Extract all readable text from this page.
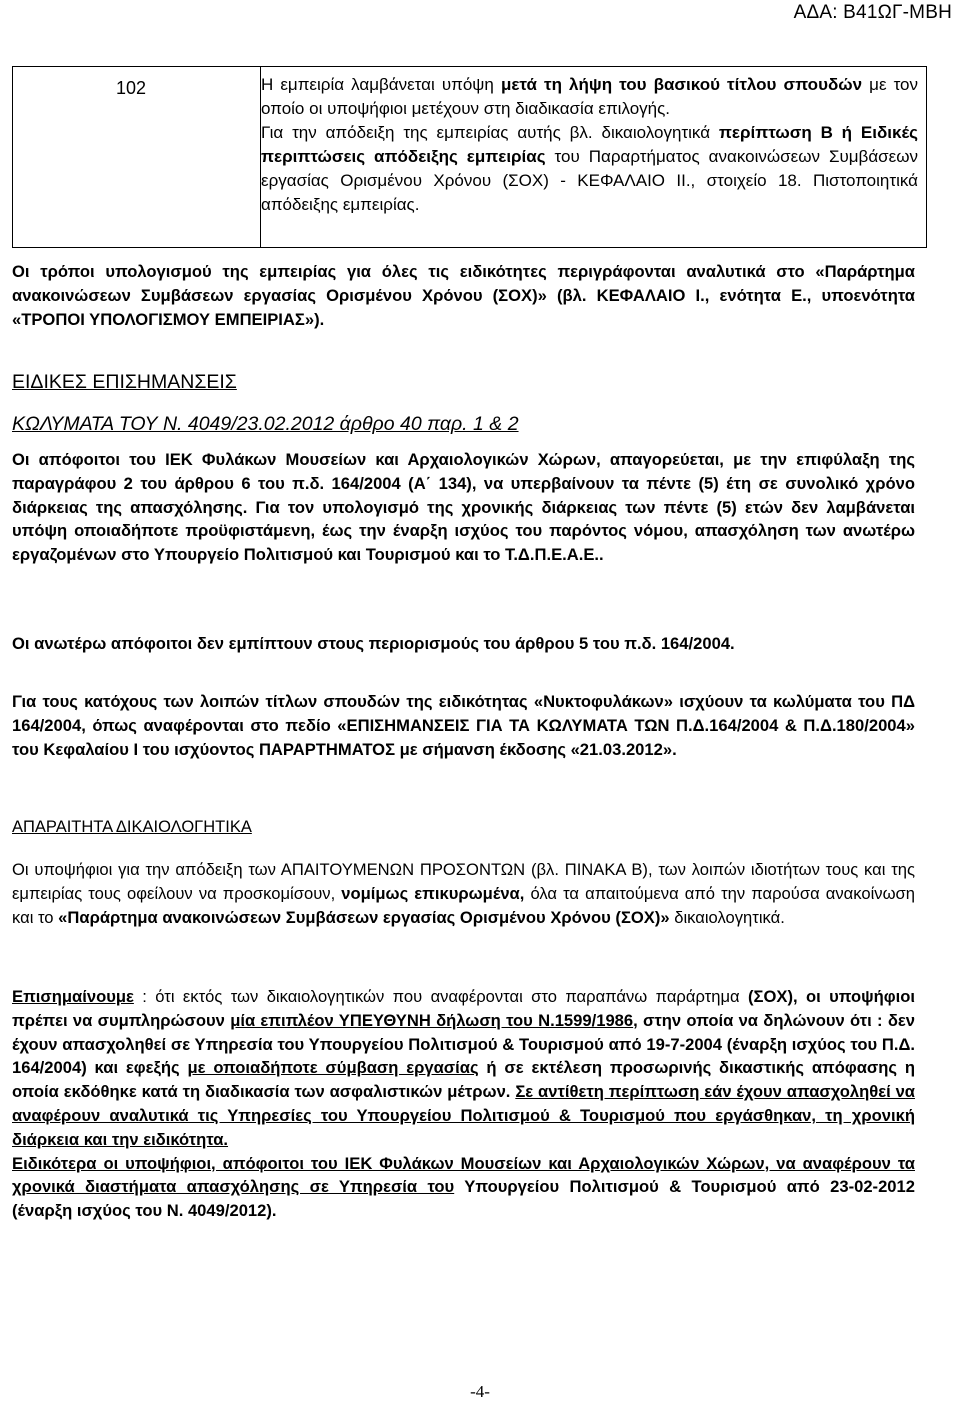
ΑΔΑ: Β41ΩΓ-ΜΒΗ
102	Η εμπειρία λαμβάνεται υπόψη μετά τη λήψη του βασικού τίτλου σπουδών με τον οποίο οι υποψήφιοι μετέχουν στη διαδικασία επιλογής.

Για την απόδειξη της εμπειρίας αυτής βλ. δικαιολογητικά περίπτωση Β ή Ειδικές περιπτώσεις απόδειξης εμπειρίας του Παραρτήματος ανακοινώσεων Συμβάσεων εργασίας Ορισμένου Χρόνου (ΣΟΧ) - ΚΕΦΑΛΑΙΟ ΙΙ., στοιχείο 18. Πιστοποιητικά απόδειξης εμπειρίας.

Οι τρόποι υπολογισμού της εμπειρίας για όλες τις ειδικότητες περιγράφονται αναλυτικά στο «Παράρτημα ανακοινώσεων Συμβάσεων εργασίας Ορισμένου Χρόνου (ΣΟΧ)» (βλ. ΚΕΦΑΛΑΙΟ Ι., ενότητα Ε., υποενότητα «ΤΡΟΠΟΙ ΥΠΟΛΟΓΙΣΜΟΥ ΕΜΠΕΙΡΙΑΣ»).
ΕΙΔΙΚΕΣ ΕΠΙΣΗΜΑΝΣΕΙΣ
ΚΩΛΥΜΑΤΑ ΤΟΥ Ν. 4049/23.02.2012 άρθρο 40 παρ. 1 & 2
Οι απόφοιτοι του ΙΕΚ Φυλάκων Μουσείων και Αρχαιολογικών Χώρων, απαγορεύεται, με την επιφύλαξη της παραγράφου 2 του άρθρου 6 του π.δ. 164/2004 (Α΄ 134), να υπερβαίνουν τα πέντε (5) έτη σε συνολικό χρόνο διάρκειας της απασχόλησης. Για τον υπολογισμό της χρονικής διάρκειας των πέντε (5) ετών δεν λαμβάνεται υπόψη οποιαδήποτε προϋφιστάμενη, έως την έναρξη ισχύος του παρόντος νόμου, απασχόληση των ανωτέρω εργαζομένων στο Υπουργείο Πολιτισμού και Τουρισμού και το Τ.Δ.Π.Ε.Α.Ε..
Οι ανωτέρω απόφοιτοι δεν εμπίπτουν στους περιορισμούς του άρθρου 5 του π.δ. 164/2004.
Για τους κατόχους των λοιπών τίτλων σπουδών της ειδικότητας «Νυκτοφυλάκων» ισχύουν τα κωλύματα του ΠΔ 164/2004, όπως αναφέρονται στο πεδίο «ΕΠΙΣΗΜΑΝΣΕΙΣ ΓΙΑ ΤΑ ΚΩΛΥΜΑΤΑ ΤΩΝ Π.Δ.164/2004 & Π.Δ.180/2004» του Κεφαλαίου Ι του ισχύοντος ΠΑΡΑΡΤΗΜΑΤΟΣ με σήμανση έκδοσης «21.03.2012».
ΑΠΑΡΑΙΤΗΤΑ ΔΙΚΑΙΟΛΟΓΗΤΙΚΑ

Οι υποψήφιοι για την απόδειξη των ΑΠΑΙΤΟΥΜΕΝΩΝ ΠΡΟΣΟΝΤΩΝ (βλ. ΠΙΝΑΚΑ Β), των λοιπών ιδιοτήτων τους και της εμπειρίας τους οφείλουν να προσκομίσουν, νομίμως επικυρωμένα, όλα τα απαιτούμενα από την παρούσα ανακοίνωση και το «Παράρτημα ανακοινώσεων Συμβάσεων εργασίας Ορισμένου Χρόνου (ΣΟΧ)» δικαιολογητικά.

Επισημαίνουμε : ότι εκτός των δικαιολογητικών που αναφέρονται στο παραπάνω παράρτημα (ΣΟΧ), οι υποψήφιοι πρέπει να συμπληρώσουν μία επιπλέον ΥΠΕΥΘΥΝΗ δήλωση του Ν.1599/1986, στην οποία να δηλώνουν ότι : δεν έχουν απασχοληθεί σε Υπηρεσία του Υπουργείου Πολιτισμού & Τουρισμού από 19-7-2004 (έναρξη ισχύος του Π.Δ. 164/2004) και εφεξής με οποιαδήποτε σύμβαση εργασίας ή σε εκτέλεση προσωρινής δικαστικής απόφασης η οποία εκδόθηκε κατά τη διαδικασία των ασφαλιστικών μέτρων. Σε αντίθετη περίπτωση εάν έχουν απασχοληθεί να αναφέρουν αναλυτικά τις Υπηρεσίες του Υπουργείου Πολιτισμού & Τουρισμού που εργάσθηκαν, τη χρονική διάρκεια και την ειδικότητα.

Ειδικότερα οι υποψήφιοι, απόφοιτοι του ΙΕΚ Φυλάκων Μουσείων και Αρχαιολογικών Χώρων, να αναφέρουν τα χρονικά διαστήματα απασχόλησης σε Υπηρεσία του Υπουργείου Πολιτισμού & Τουρισμού από 23-02-2012 (έναρξη ισχύος του Ν. 4049/2012).

-4-
